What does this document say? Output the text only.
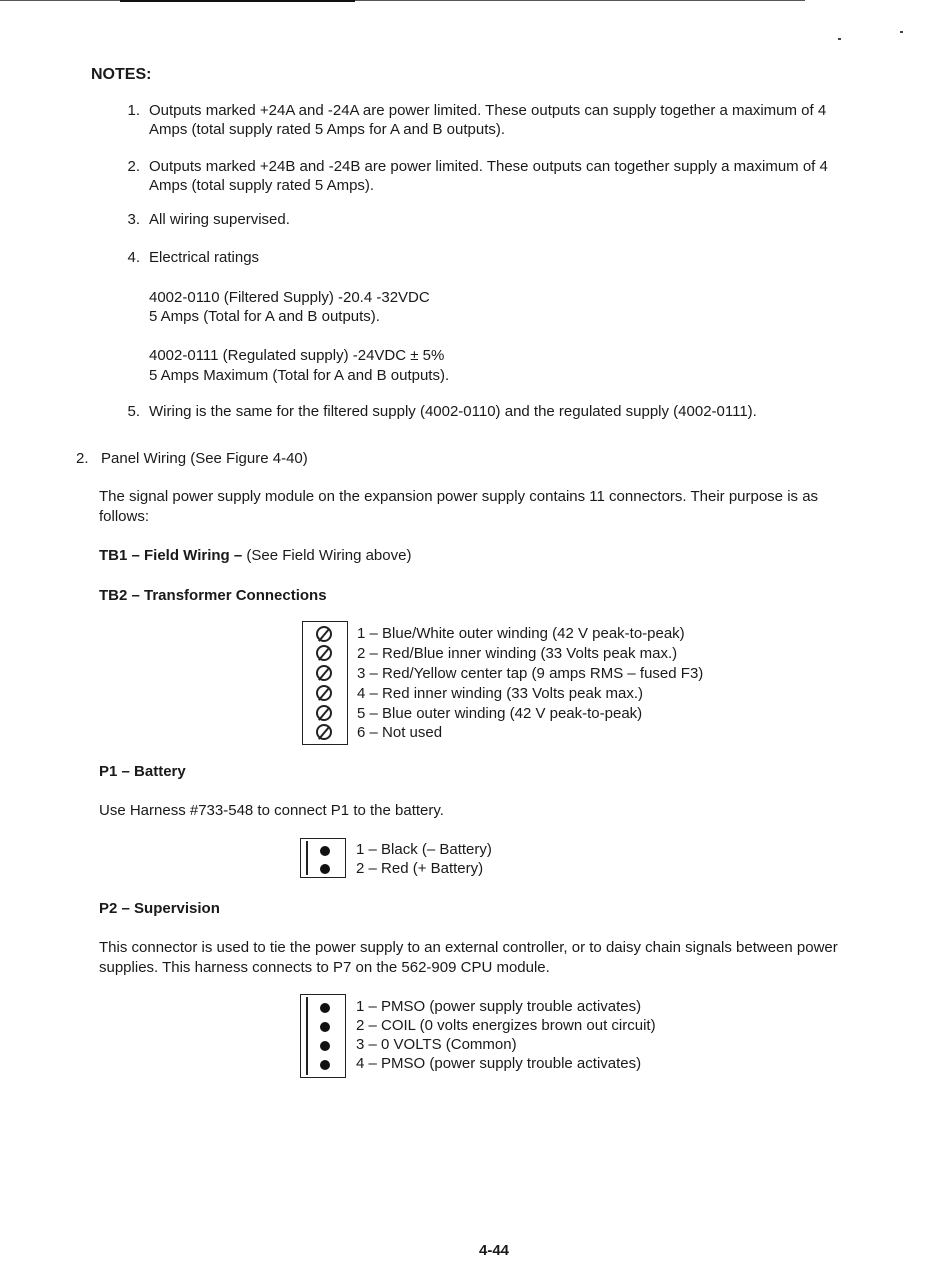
NOTES:
1. Outputs marked +24A and -24A are power limited. These outputs can supply together a maximum of 4
Amps (total supply rated 5 Amps for A and B outputs).
2. Outputs marked +24B and -24B are power limited. These outputs can together supply a maximum of 4
Amps (total supply rated 5 Amps).
3. All wiring supervised.
4. Electrical ratings
4002-0110 (Filtered Supply) -20.4 -32VDC
5 Amps (Total for A and B outputs).
4002-0111 (Regulated supply) -24VDC ± 5%
5 Amps Maximum (Total for A and B outputs).
5. Wiring is the same for the filtered supply (4002-0110) and the regulated supply (4002-0111).
2. Panel Wiring (See Figure 4-40)
The signal power supply module on the expansion power supply contains 11 connectors. Their purpose is as
follows:
TB1 – Field Wiring – (See Field Wiring above)
TB2 – Transformer Connections
1 – Blue/White outer winding (42 V peak-to-peak)
2 – Red/Blue inner winding (33 Volts peak max.)
3 – Red/Yellow center tap (9 amps RMS – fused F3)
4 – Red inner winding (33 Volts peak max.)
5 – Blue outer winding (42 V peak-to-peak)
6 – Not used
P1 – Battery
Use Harness #733-548 to connect P1 to the battery.
1 – Black (– Battery)
2 – Red (+ Battery)
P2 – Supervision
This connector is used to tie the power supply to an external controller, or to daisy chain signals between power
supplies. This harness connects to P7 on the 562-909 CPU module.
1 – PMSO (power supply trouble activates)
2 – COIL (0 volts energizes brown out circuit)
3 – 0 VOLTS (Common)
4 – PMSO (power supply trouble activates)
4-44
